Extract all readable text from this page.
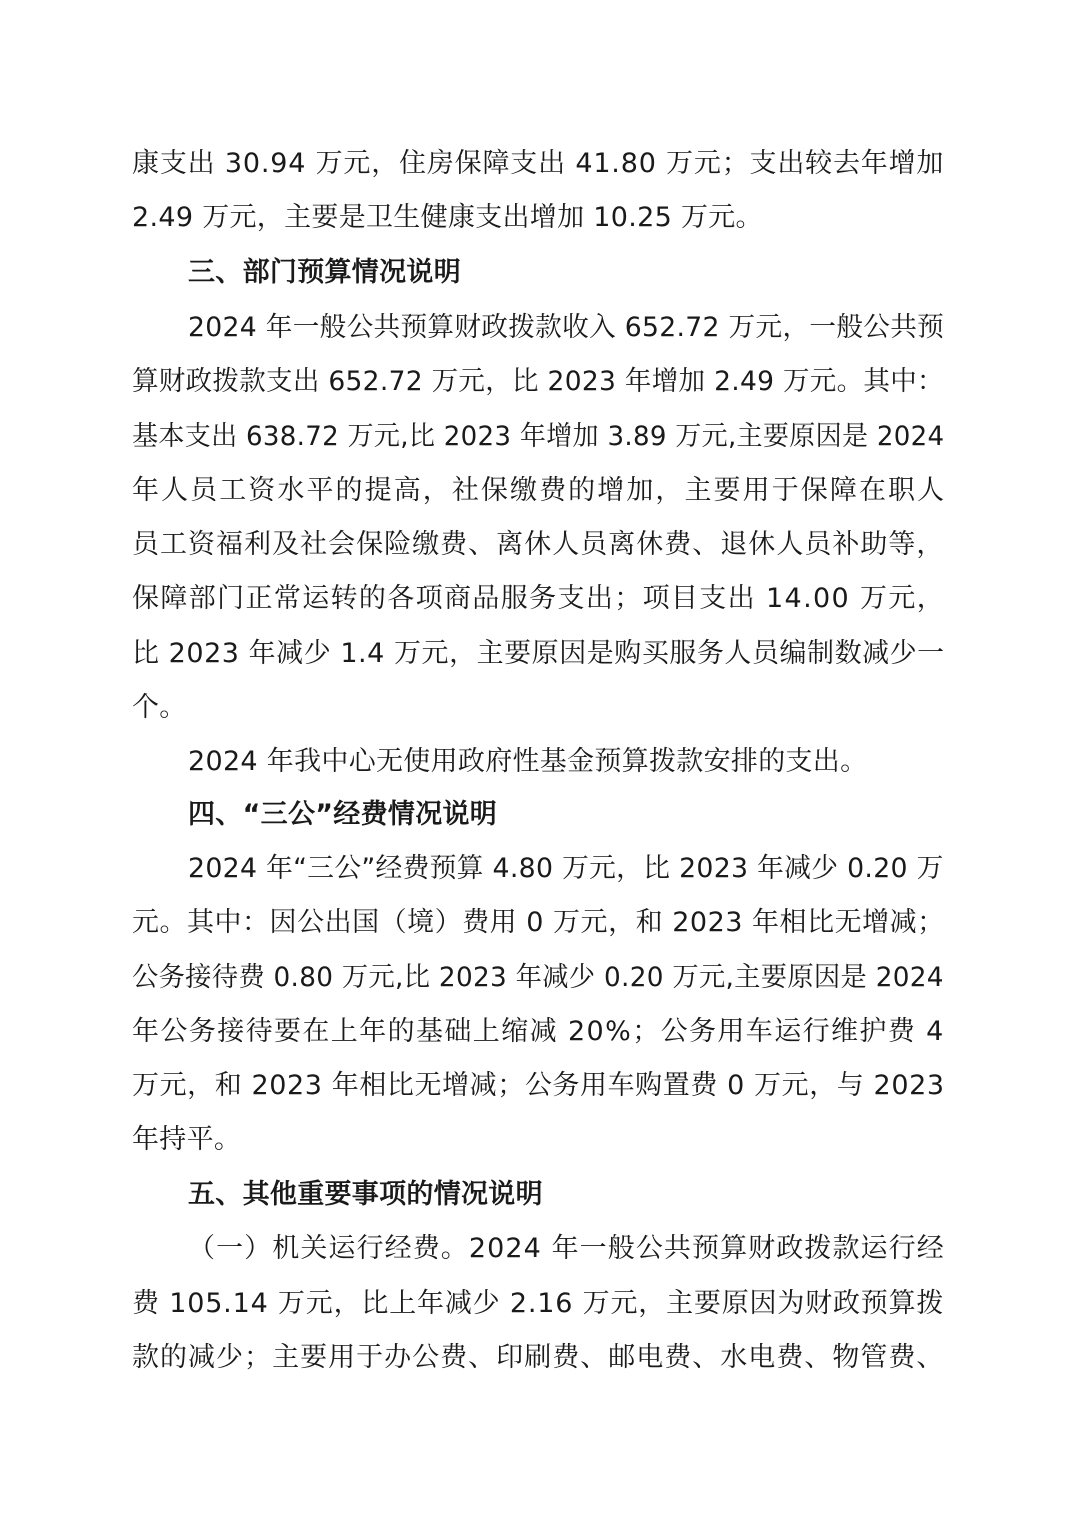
康支出 30.94 万元，住房保障支出 41.80 万元；支出较去年增加
2.49 万元，主要是卫生健康支出增加 10.25 万元。
三、部门预算情况说明
2024 年一般公共预算财政拨款收入 652.72 万元，一般公共预
算财政拨款支出 652.72 万元，比 2023 年增加 2.49 万元。其中：
基本支出 638.72 万元,比 2023 年增加 3.89 万元,主要原因是 2024
年人员工资水平的提高，社保缴费的增加，主要用于保障在职人
员工资福利及社会保险缴费、离休人员离休费、退休人员补助等，
保障部门正常运转的各项商品服务支出；项目支出 14.00 万元，
比 2023 年减少 1.4 万元，主要原因是购买服务人员编制数减少一
个。
2024 年我中心无使用政府性基金预算拨款安排的支出。
四、“三公”经费情况说明
2024 年“三公”经费预算 4.80 万元，比 2023 年减少 0.20 万
元。其中：因公出国（境）费用 0 万元，和 2023 年相比无增减；
公务接待费 0.80 万元,比 2023 年减少 0.20 万元,主要原因是 2024
年公务接待要在上年的基础上缩减 20%；公务用车运行维护费 4
万元，和 2023 年相比无增减；公务用车购置费 0 万元，与 2023
年持平。
五、其他重要事项的情况说明
（一）机关运行经费。2024 年一般公共预算财政拨款运行经
费 105.14 万元，比上年减少 2.16 万元，主要原因为财政预算拨
款的减少；主要用于办公费、印刷费、邮电费、水电费、物管费、
